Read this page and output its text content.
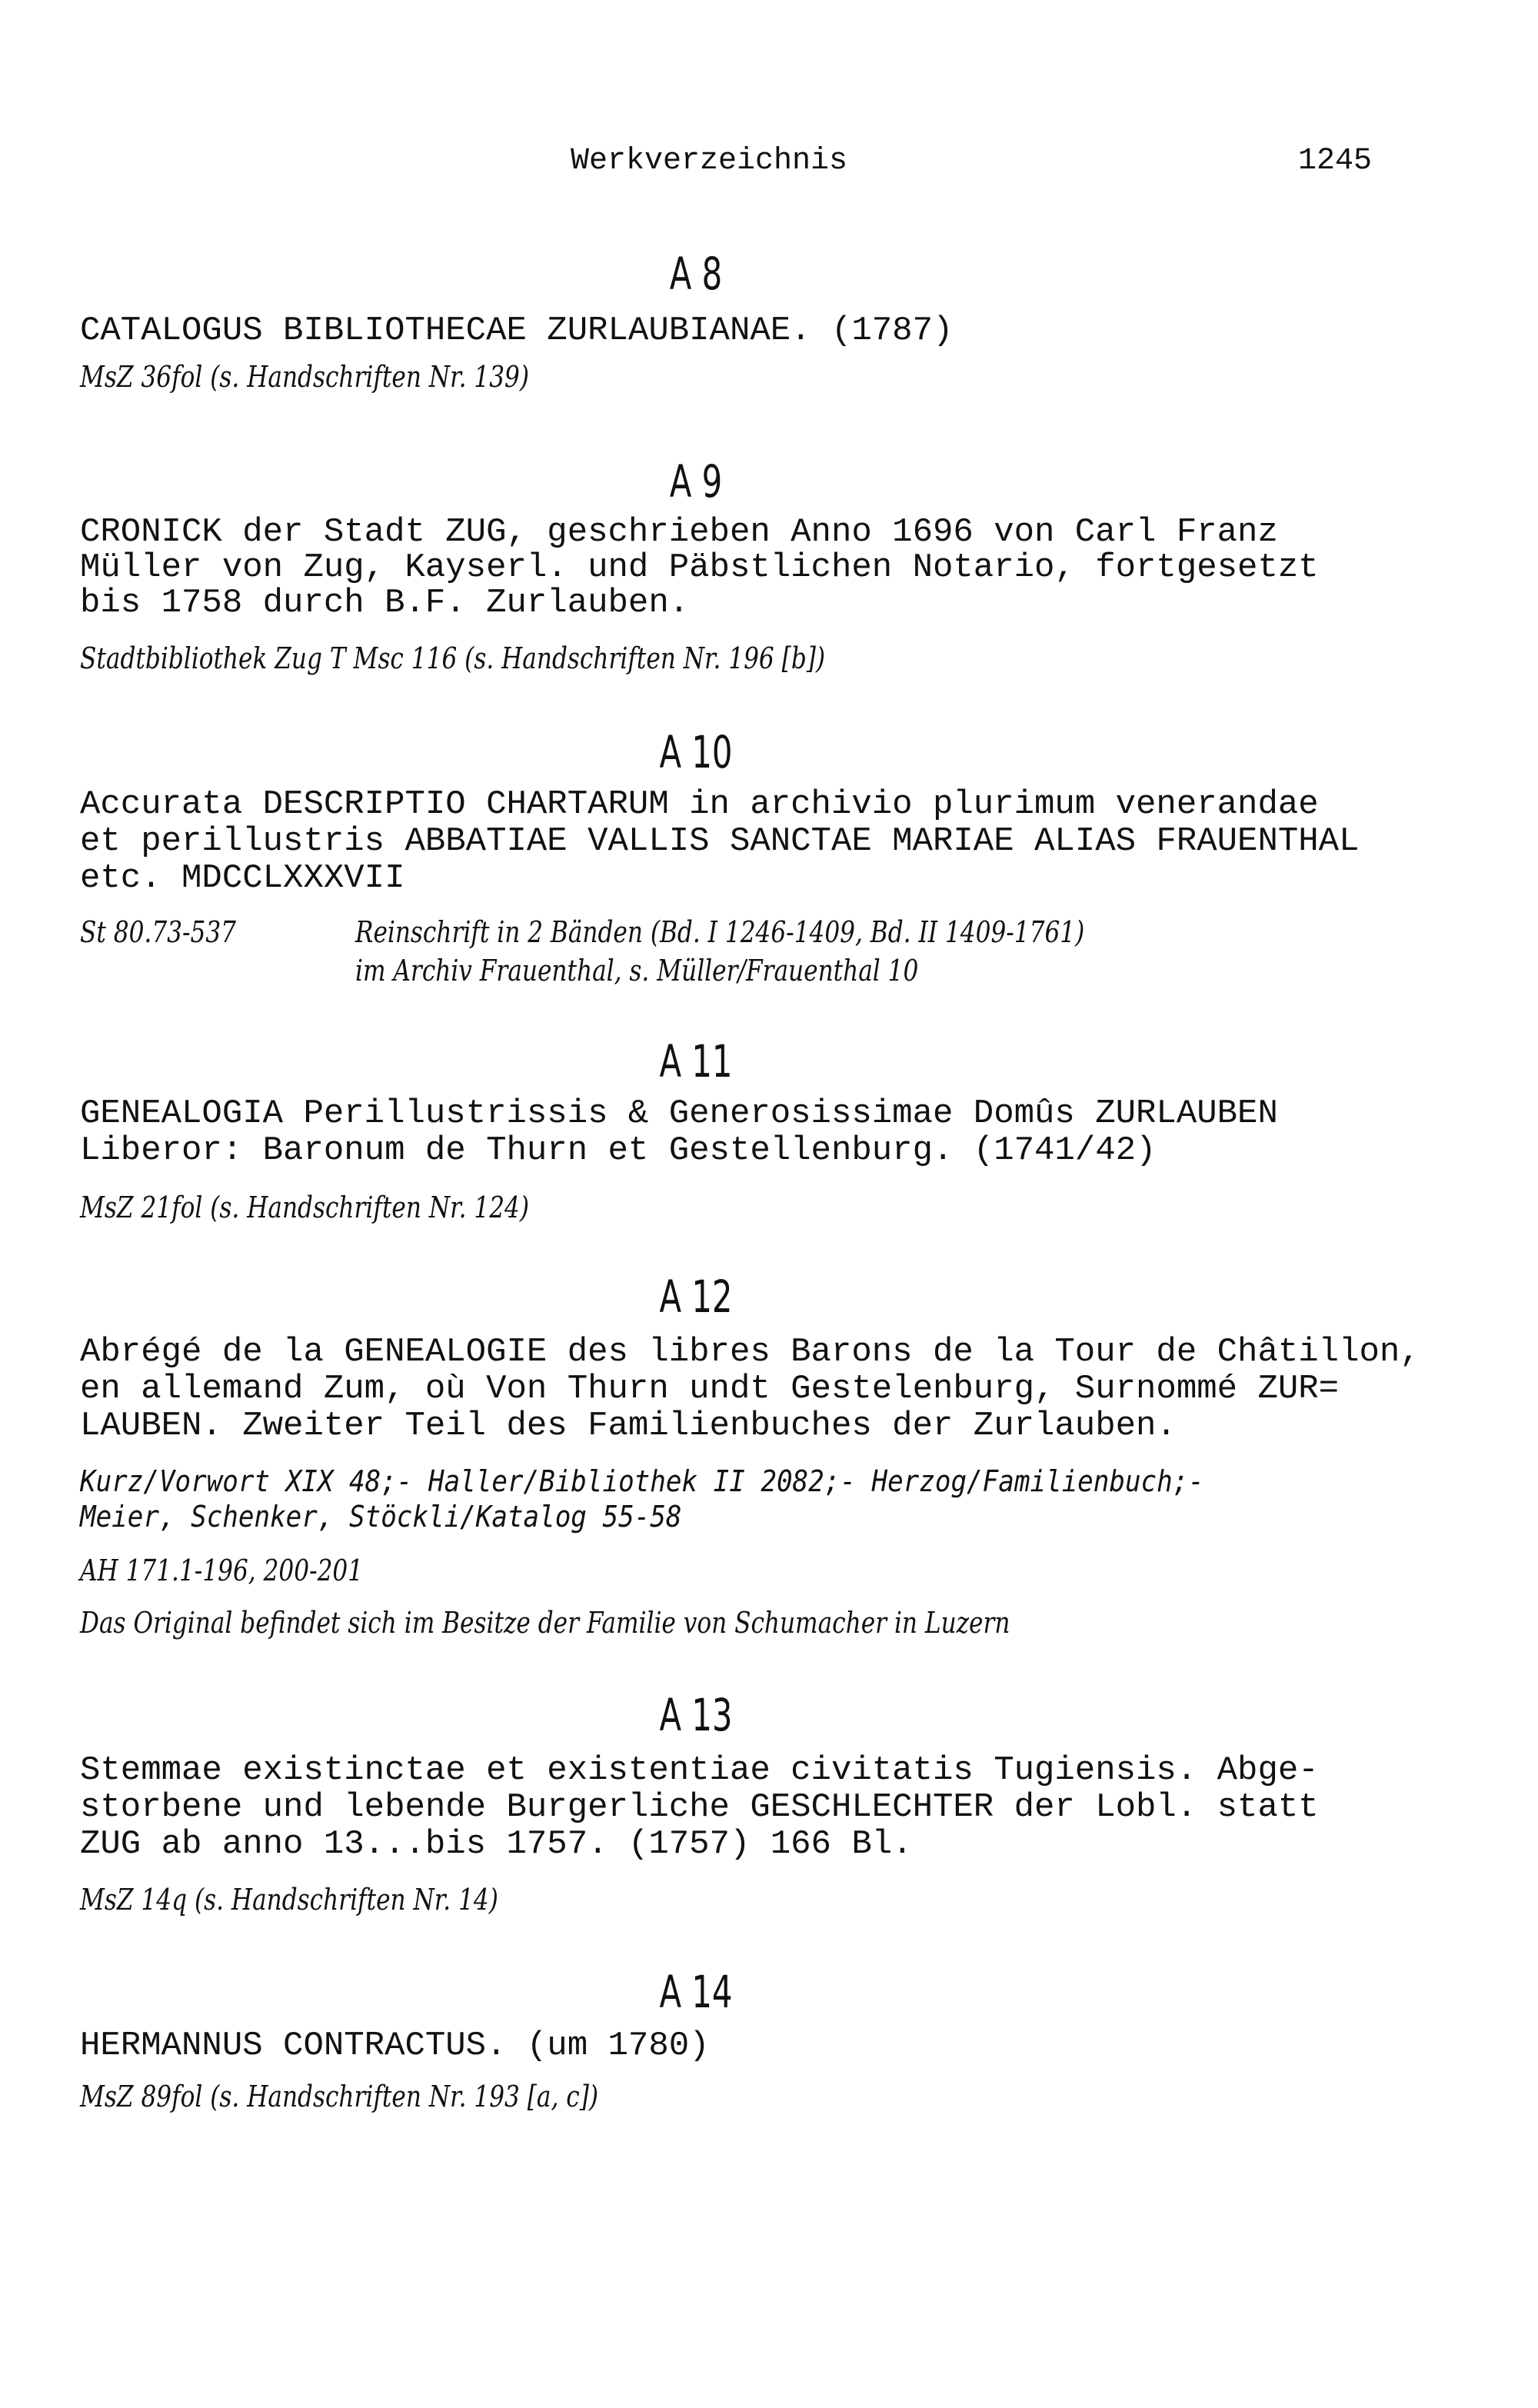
Werkverzeichnis	1245
A 8
CATALOGUS BIBLIOTHECAE ZURLAUBIANAE. (1787)
MsZ 36fol (s. Handschriften Nr. 139)
A 9
CRONICK der Stadt ZUG, geschrieben Anno 1696 von Carl Franz
Müller von Zug, Kayserl. und Päbstlichen Notario, fortgesetzt
bis 1758 durch B.F. Zurlauben.
Stadtbibliothek Zug T Msc 116 (s. Handschriften Nr. 196 [b])
A 10
Accurata DESCRIPTIO CHARTARUM in archivio plurimum venerandae
et perillustris ABBATIAE VALLIS SANCTAE MARIAE ALIAS FRAUENTHAL
etc. MDCCLXXXVII
St 80.73-537	Reinschrift in 2 Bänden (Bd. I 1246-1409, Bd. II 1409-1761)
im Archiv Frauenthal, s. Müller/Frauenthal 10
A 11
GENEALOGIA Perillustrissis & Generosissimae Domûs ZURLAUBEN
Liberor: Baronum de Thurn et Gestellenburg. (1741/42)
MsZ 21fol (s. Handschriften Nr. 124)
A 12
Abrégé de la GENEALOGIE des libres Barons de la Tour de Châtillon,
en allemand Zum, où Von Thurn undt Gestelenburg, Surnommé ZUR=
LAUBEN. Zweiter Teil des Familienbuches der Zurlauben.
Kurz/Vorwort XIX 48;- Haller/Bibliothek II 2082;- Herzog/Familienbuch;-
Meier, Schenker, Stöckli/Katalog 55-58
AH 171.1-196, 200-201
Das Original befindet sich im Besitze der Familie von Schumacher in Luzern
A 13
Stemmae existinctae et existentiae civitatis Tugiensis. Abge-
storbene und lebende Burgerliche GESCHLECHTER der Lobl. statt
ZUG ab anno 13...bis 1757. (1757) 166 Bl.
MsZ 14q (s. Handschriften Nr. 14)
A 14
HERMANNUS CONTRACTUS. (um 1780)
MsZ 89fol (s. Handschriften Nr. 193 [a, c])
